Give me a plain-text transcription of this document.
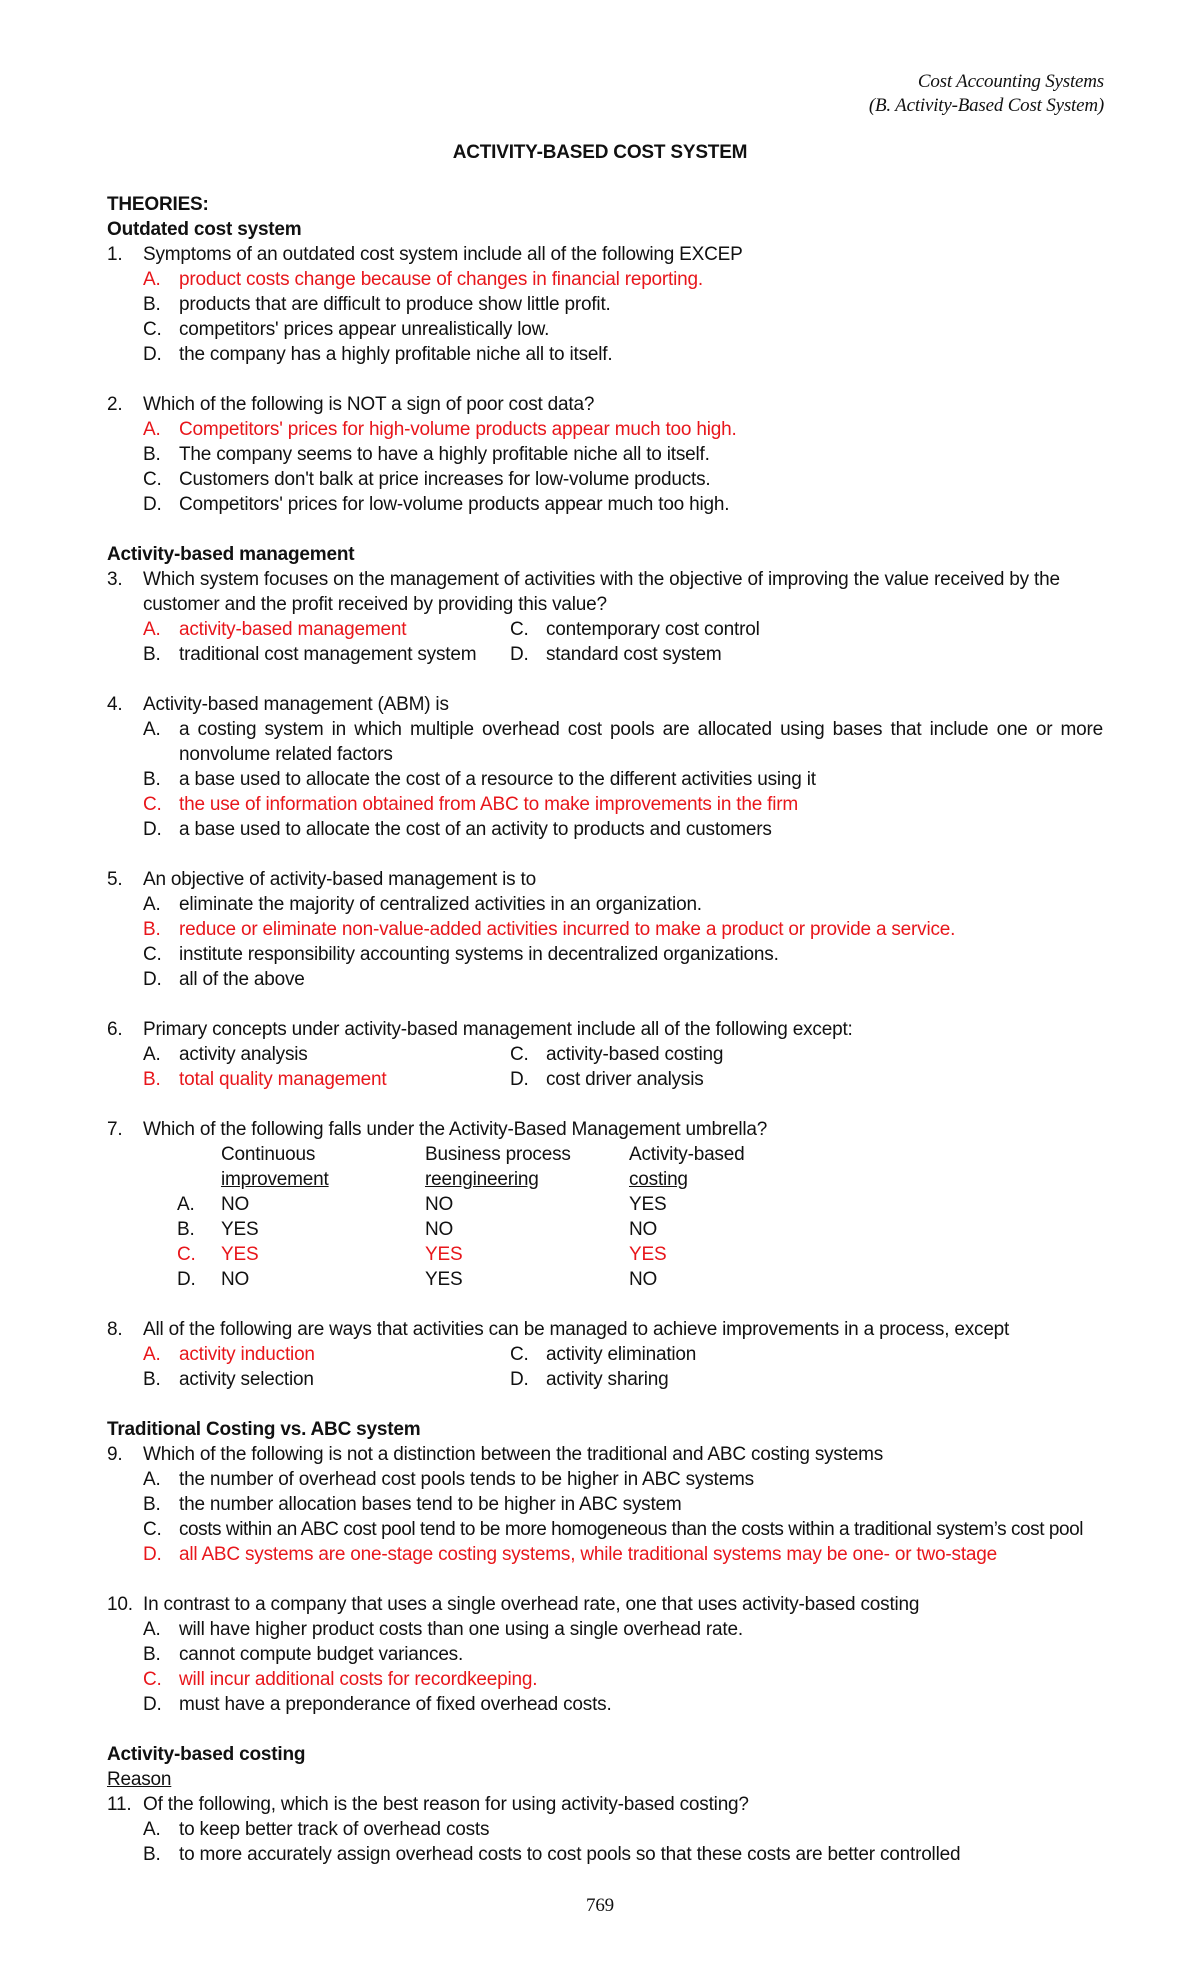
Cost Accounting Systems
(B. Activity-Based Cost System)
ACTIVITY-BASED COST SYSTEM
THEORIES:
Outdated cost system
1.	Symptoms of an outdated cost system include all of the following EXCEP
A. product costs change because of changes in financial reporting.
B. products that are difficult to produce show little profit.
C. competitors' prices appear unrealistically low.
D. the company has a highly profitable niche all to itself.
2.	Which of the following is NOT a sign of poor cost data?
A. Competitors' prices for high-volume products appear much too high.
B. The company seems to have a highly profitable niche all to itself.
C. Customers don't balk at price increases for low-volume products.
D. Competitors' prices for low-volume products appear much too high.
Activity-based management
3.	Which system focuses on the management of activities with the objective of improving the value received by the customer and the profit received by providing this value?
A. activity-based management	C. contemporary cost control
B. traditional cost management system	D. standard cost system
4.	Activity-based management (ABM) is
A. a costing system in which multiple overhead cost pools are allocated using bases that include one or more nonvolume related factors
B. a base used to allocate the cost of a resource to the different activities using it
C. the use of information obtained from ABC to make improvements in the firm
D. a base used to allocate the cost of an activity to products and customers
5.	An objective of activity-based management is to
A. eliminate the majority of centralized activities in an organization.
B. reduce or eliminate non-value-added activities incurred to make a product or provide a service.
C. institute responsibility accounting systems in decentralized organizations.
D. all of the above
6.	Primary concepts under activity-based management include all of the following except:
A. activity analysis	C. activity-based costing
B. total quality management	D. cost driver analysis
7.	Which of the following falls under the Activity-Based Management umbrella?
Continuous	Business process	Activity-based
improvement	reengineering	costing
A.	NO	NO	YES
B.	YES	NO	NO
C.	YES	YES	YES
D.	NO	YES	NO
8.	All of the following are ways that activities can be managed to achieve improvements in a process, except
A. activity induction	C. activity elimination
B. activity selection	D. activity sharing
Traditional Costing vs. ABC system
9.	Which of the following is not a distinction between the traditional and ABC costing systems
A. the number of overhead cost pools tends to be higher in ABC systems
B. the number allocation bases tend to be higher in ABC system
C. costs within an ABC cost pool tend to be more homogeneous than the costs within a traditional system’s cost pool
D. all ABC systems are one-stage costing systems, while traditional systems may be one- or two-stage
10. In contrast to a company that uses a single overhead rate, one that uses activity-based costing
A. will have higher product costs than one using a single overhead rate.
B. cannot compute budget variances.
C. will incur additional costs for recordkeeping.
D. must have a preponderance of fixed overhead costs.
Activity-based costing
Reason
11. Of the following, which is the best reason for using activity-based costing?
A. to keep better track of overhead costs
B. to more accurately assign overhead costs to cost pools so that these costs are better controlled
769
